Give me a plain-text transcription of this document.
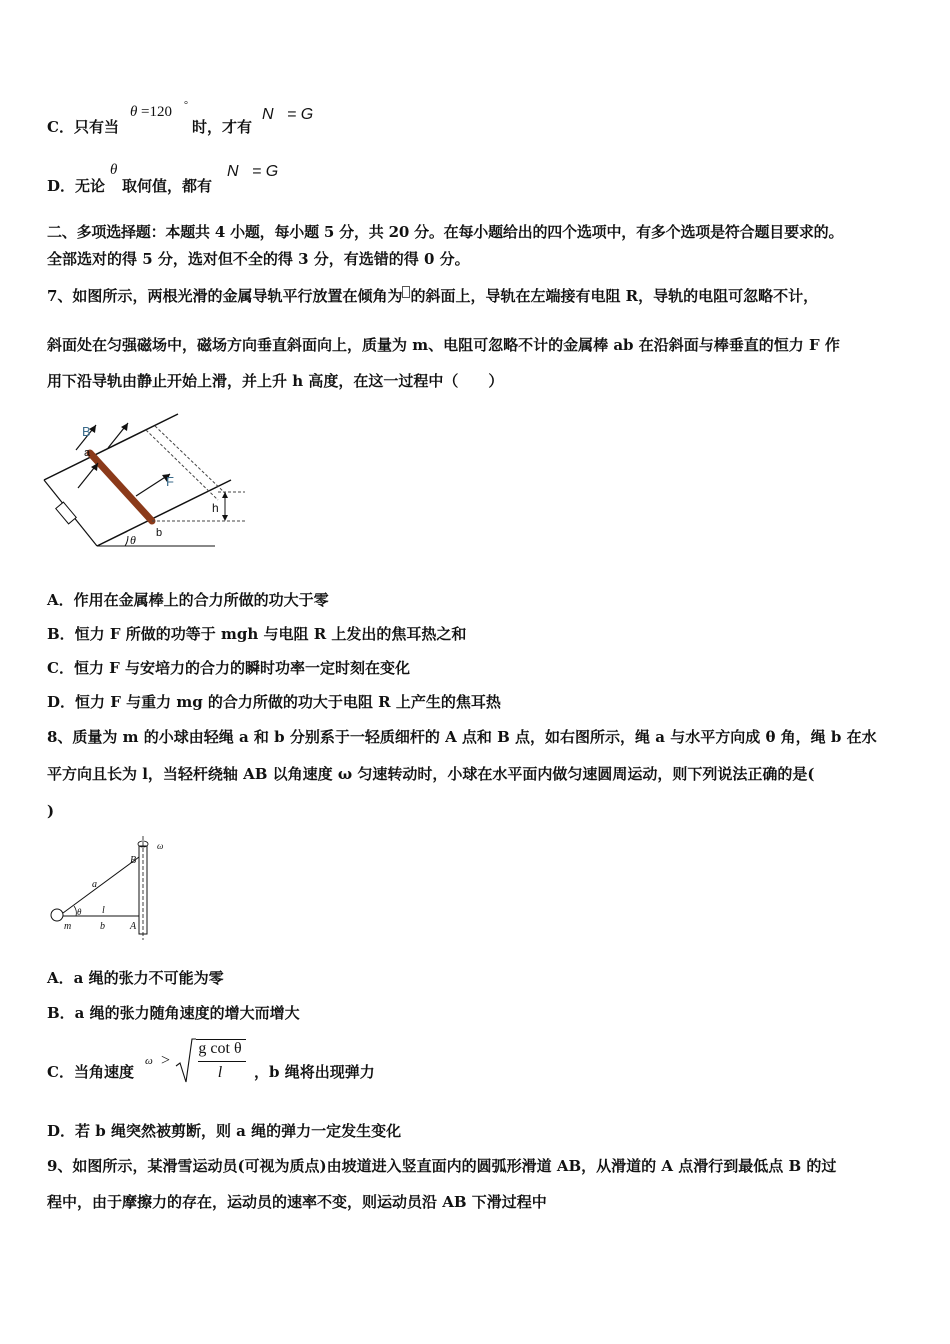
C．只有当
θ =120 °
时，才有
N = G
D．无论
θ
取何值，都有
N = G
二、多项选择题：本题共 4 小题，每小题 5 分，共 20 分。在每小题给出的四个选项中，有多个选项是符合题目要求的。
全部选对的得 5 分，选对但不全的得 3 分，有选错的得 0 分。
7、如图所示，两根光滑的金属导轨平行放置在倾角为 的斜面上，导轨在左端接有电阻 R，导轨的电阻可忽略不计，
斜面处在匀强磁场中，磁场方向垂直斜面向上，质量为 m、电阻可忽略不计的金属棒 ab 在沿斜面与棒垂直的恒力 F 作
用下沿导轨由静止开始上滑，并上升 h 高度，在这一过程中（　　）
B
a
F
h
b
θ
A．作用在金属棒上的合力所做的功大于零
B．恒力 F 所做的功等于 mgh 与电阻 R 上发出的焦耳热之和
C．恒力 F 与安培力的合力的瞬时功率一定时刻在变化
D．恒力 F 与重力 mg 的合力所做的功大于电阻 R 上产生的焦耳热
8、质量为 m 的小球由轻绳 a 和 b 分别系于一轻质细杆的 A 点和 B 点，如右图所示，绳 a 与水平方向成 θ 角，绳 b 在水
平方向且长为 l，当轻杆绕轴 AB 以角速度 ω 匀速转动时，小球在水平面内做匀速圆周运动，则下列说法正确的是(
)
ω
B
a
θ l
m	b	A
A．a 绳的张力不可能为零
B．a 绳的张力随角速度的增大而增大
C．当角速度
ω >
g cot θ
l	，b 绳将出现弹力
D．若 b 绳突然被剪断，则 a 绳的弹力一定发生变化
9、如图所示，某滑雪运动员(可视为质点)由坡道进入竖直面内的圆弧形滑道 AB，从滑道的 A 点滑行到最低点 B 的过
程中，由于摩擦力的存在，运动员的速率不变，则运动员沿 AB 下滑过程中
